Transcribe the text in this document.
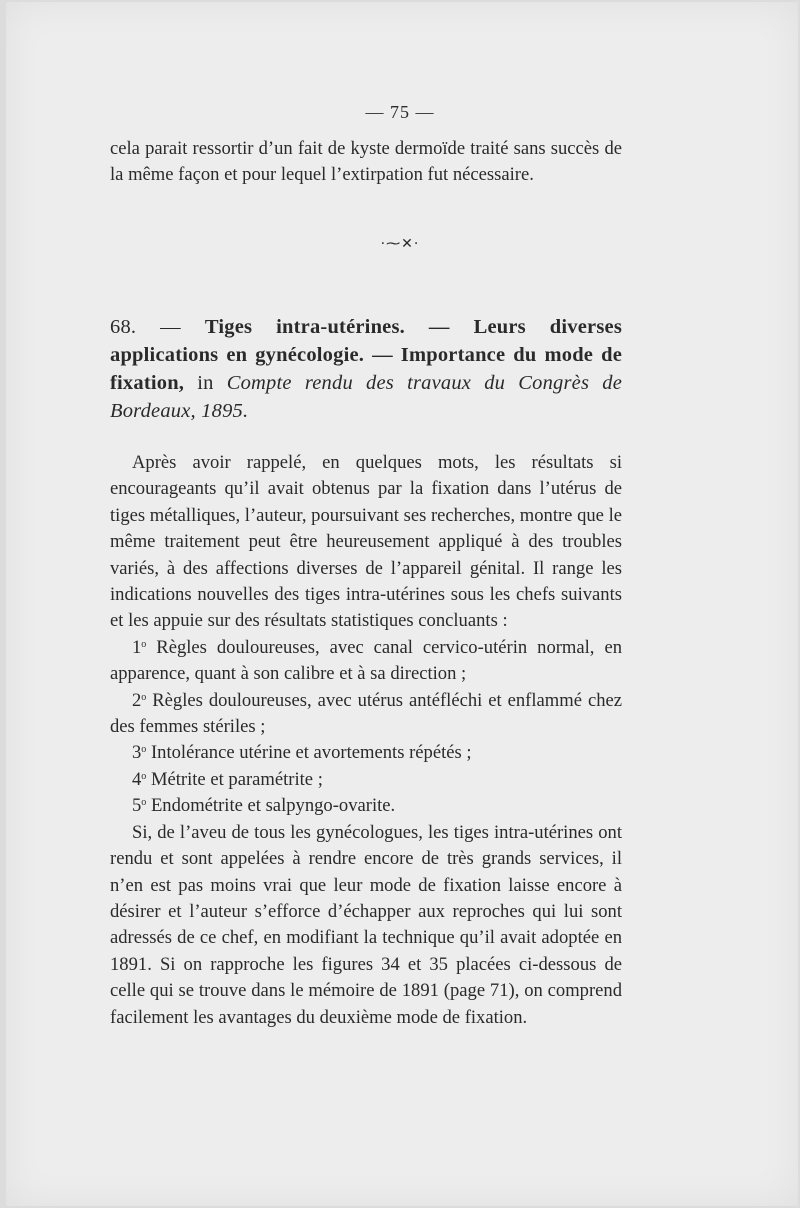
— 75 —

cela parait ressortir d’un fait de kyste dermoïde traité sans succès de la même façon et pour lequel l’extirpation fut nécessaire.

·⁓✕·

68. — Tiges intra-utérines. — Leurs diverses applications en gynécologie. — Importance du mode de fixation, in Compte rendu des travaux du Congrès de Bordeaux, 1895.

Après avoir rappelé, en quelques mots, les résultats si encourageants qu’il avait obtenus par la fixation dans l’utérus de tiges métalliques, l’auteur, poursuivant ses recherches, montre que le même traitement peut être heureusement appliqué à des troubles variés, à des affections diverses de l’appareil génital. Il range les indications nouvelles des tiges intra-utérines sous les chefs suivants et les appuie sur des résultats statistiques concluants :

1$^o$ Règles douloureuses, avec canal cervico-utérin normal, en apparence, quant à son calibre et à sa direction ;

2$^o$ Règles douloureuses, avec utérus antéfléchi et enflammé chez des femmes stériles ;

3$^o$ Intolérance utérine et avortements répétés ;

4$^o$ Métrite et paramétrite ;

5$^o$ Endométrite et salpyngo-ovarite.

Si, de l’aveu de tous les gynécologues, les tiges intra-utérines ont rendu et sont appelées à rendre encore de très grands services, il n’en est pas moins vrai que leur mode de fixation laisse encore à désirer et l’auteur s’efforce d’échapper aux reproches qui lui sont adressés de ce chef, en modifiant la technique qu’il avait adoptée en 1891. Si on rapproche les figures 34 et 35 placées ci-dessous de celle qui se trouve dans le mémoire de 1891 (page 71), on comprend facilement les avantages du deuxième mode de fixation.
